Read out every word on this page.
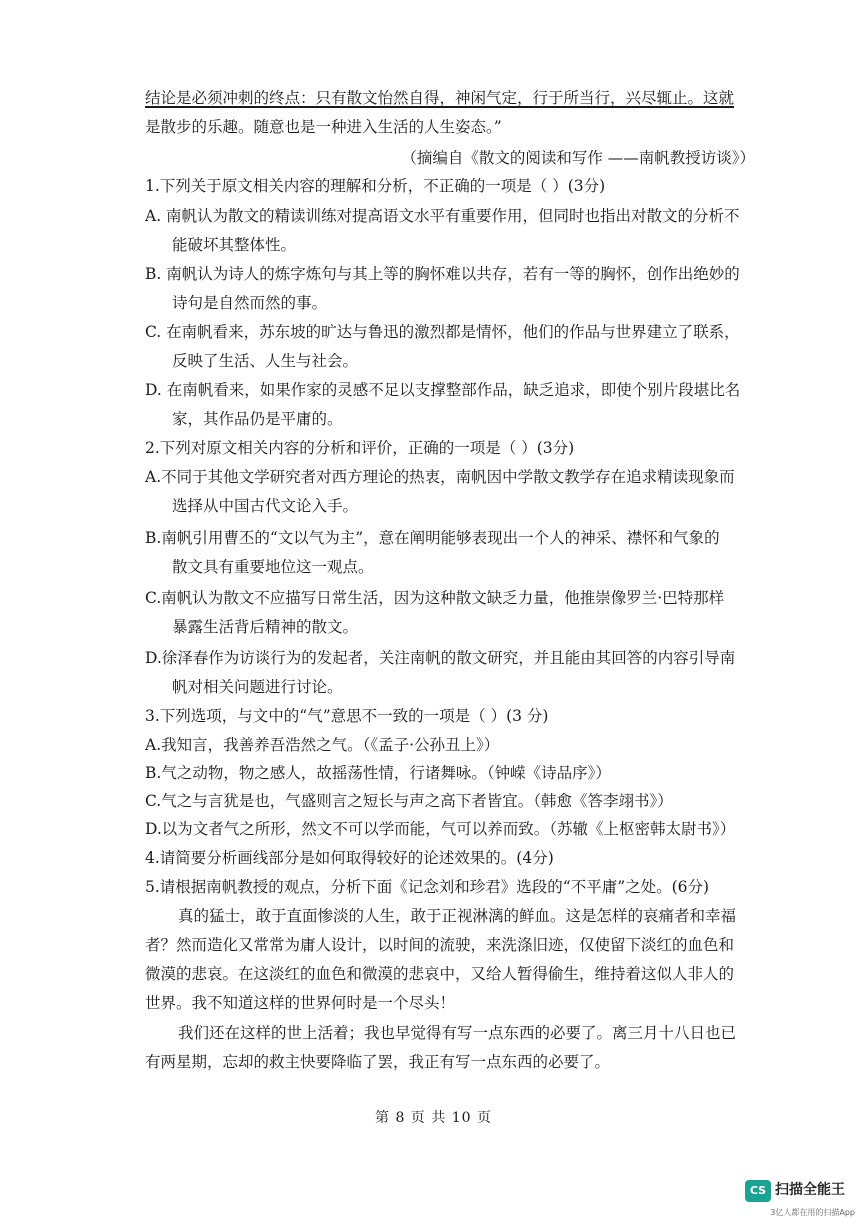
结论是必须冲刺的终点：只有散文怡然自得，神闲气定，行于所当行，兴尽辄止。这就
是散步的乐趣。随意也是一种进入生活的人生姿态。”
（摘编自《散文的阅读和写作 ——南帆教授访谈》）
1.下列关于原文相关内容的理解和分析，不正确的一项是（ ）(3分)
A. 南帆认为散文的精读训练对提高语文水平有重要作用，但同时也指出对散文的分析不
能破坏其整体性。
B. 南帆认为诗人的炼字炼句与其上等的胸怀难以共存，若有一等的胸怀，创作出绝妙的
诗句是自然而然的事。
C. 在南帆看来，苏东坡的旷达与鲁迅的激烈都是情怀，他们的作品与世界建立了联系，
反映了生活、人生与社会。
D. 在南帆看来，如果作家的灵感不足以支撑整部作品，缺乏追求，即使个别片段堪比名
家，其作品仍是平庸的。
2.下列对原文相关内容的分析和评价，正确的一项是（ ）(3分)
A.不同于其他文学研究者对西方理论的热衷，南帆因中学散文教学存在追求精读现象而
选择从中国古代文论入手。
B.南帆引用曹丕的“文以气为主”，意在阐明能够表现出一个人的神采、襟怀和气象的
散文具有重要地位这一观点。
C.南帆认为散文不应描写日常生活，因为这种散文缺乏力量，他推崇像罗兰·巴特那样
暴露生活背后精神的散文。
D.徐泽春作为访谈行为的发起者，关注南帆的散文研究，并且能由其回答的内容引导南
帆对相关问题进行讨论。
3.下列选项，与文中的“气”意思不一致的一项是（ ）(3 分)
A.我知言，我善养吾浩然之气。（《孟子·公孙丑上》）
B.气之动物，物之感人，故摇荡性情，行诸舞咏。（钟嵘《诗品序》）
C.气之与言犹是也，气盛则言之短长与声之高下者皆宜。（韩愈《答李翊书》）
D.以为文者气之所形，然文不可以学而能，气可以养而致。（苏辙《上枢密韩太尉书》）
4.请简要分析画线部分是如何取得较好的论述效果的。(4分)
5.请根据南帆教授的观点，分析下面《记念刘和珍君》选段的“不平庸”之处。(6分)
真的猛士，敢于直面惨淡的人生，敢于正视淋漓的鲜血。这是怎样的哀痛者和幸福
者？然而造化又常常为庸人设计，以时间的流驶，来洗涤旧迹，仅使留下淡红的血色和
微漠的悲哀。在这淡红的血色和微漠的悲哀中，又给人暂得偷生，维持着这似人非人的
世界。我不知道这样的世界何时是一个尽头！
我们还在这样的世上活着；我也早觉得有写一点东西的必要了。离三月十八日也已
有两星期，忘却的救主快要降临了罢，我正有写一点东西的必要了。
第 8 页 共 10 页
CS 扫描全能王
3亿人都在用的扫描App
